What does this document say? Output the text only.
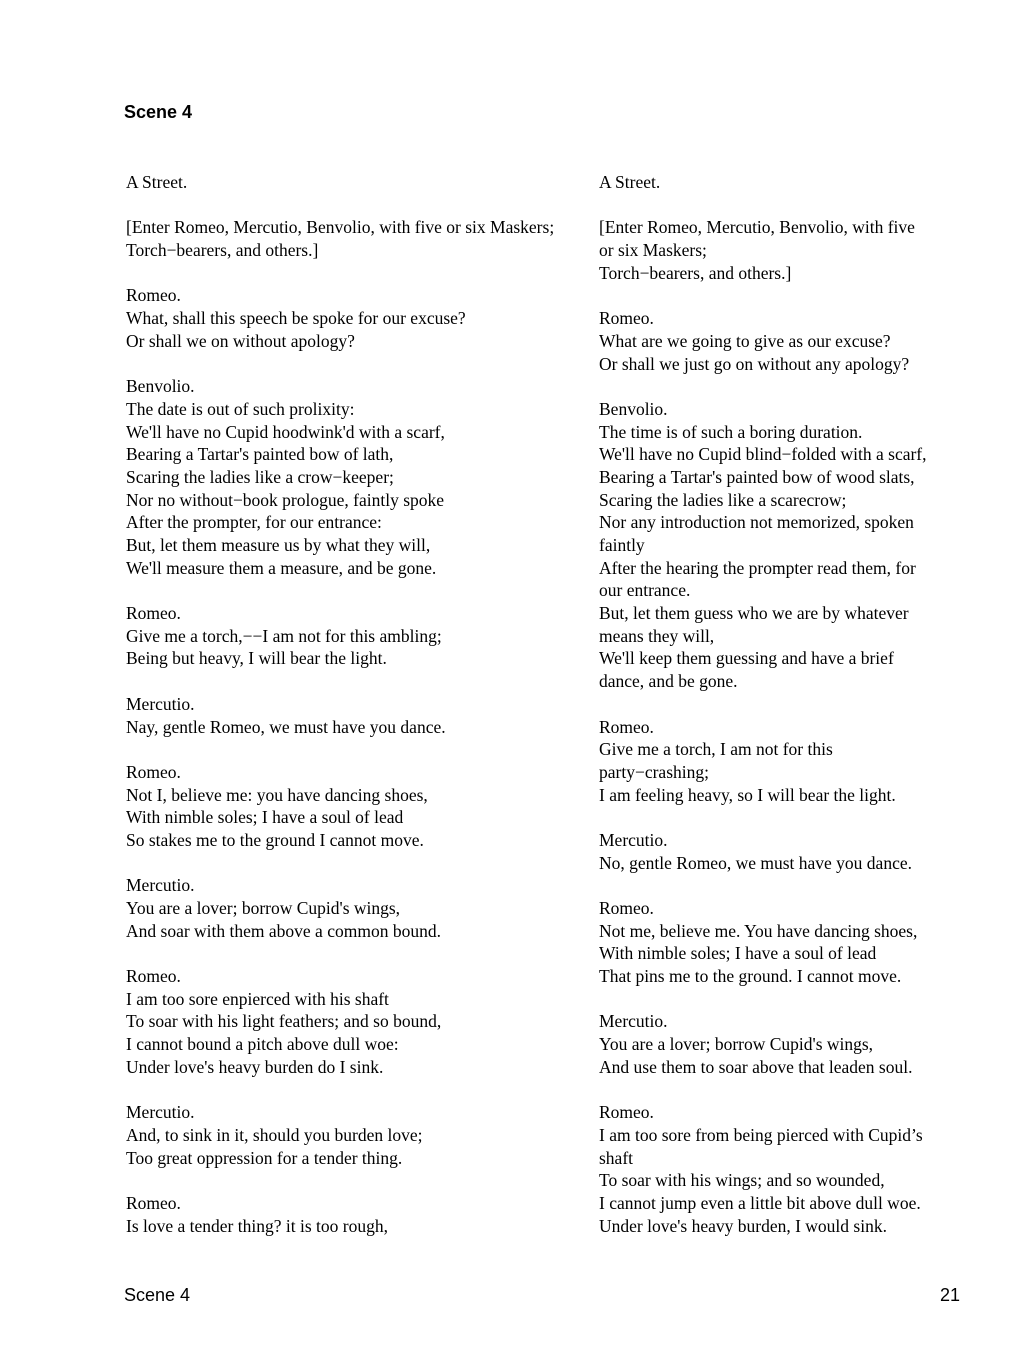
Scene 4
A Street.
[Enter Romeo, Mercutio, Benvolio, with five or six Maskers;
Torch−bearers, and others.]
Romeo.
What, shall this speech be spoke for our excuse?
Or shall we on without apology?
Benvolio.
The date is out of such prolixity:
We'll have no Cupid hoodwink'd with a scarf,
Bearing a Tartar's painted bow of lath,
Scaring the ladies like a crow−keeper;
Nor no without−book prologue, faintly spoke
After the prompter, for our entrance:
But, let them measure us by what they will,
We'll measure them a measure, and be gone.
Romeo.
Give me a torch,−−I am not for this ambling;
Being but heavy, I will bear the light.
Mercutio.
Nay, gentle Romeo, we must have you dance.
Romeo.
Not I, believe me: you have dancing shoes,
With nimble soles; I have a soul of lead
So stakes me to the ground I cannot move.
Mercutio.
You are a lover; borrow Cupid's wings,
And soar with them above a common bound.
Romeo.
I am too sore enpierced with his shaft
To soar with his light feathers; and so bound,
I cannot bound a pitch above dull woe:
Under love's heavy burden do I sink.
Mercutio.
And, to sink in it, should you burden love;
Too great oppression for a tender thing.
Romeo.
Is love a tender thing? it is too rough,
A Street.
[Enter Romeo, Mercutio, Benvolio, with five
or six Maskers;
Torch−bearers, and others.]
Romeo.
What are we going to give as our excuse?
Or shall we just go on without any apology?
Benvolio.
The time is of such a boring duration.
We'll have no Cupid blind−folded with a scarf,
Bearing a Tartar's painted bow of wood slats,
Scaring the ladies like a scarecrow;
Nor any introduction not memorized, spoken
faintly
After the hearing the prompter read them, for
our entrance.
But, let them guess who we are by whatever
means they will,
We'll keep them guessing and have a brief
dance, and be gone.
Romeo.
Give me a torch, I am not for this
party−crashing;
I am feeling heavy, so I will bear the light.
Mercutio.
No, gentle Romeo, we must have you dance.
Romeo.
Not me, believe me. You have dancing shoes,
With nimble soles; I have a soul of lead
That pins me to the ground. I cannot move.
Mercutio.
You are a lover; borrow Cupid's wings,
And use them to soar above that leaden soul.
Romeo.
I am too sore from being pierced with Cupid’s
shaft
To soar with his wings; and so wounded,
I cannot jump even a little bit above dull woe.
Under love's heavy burden, I would sink.
Scene 4	21
